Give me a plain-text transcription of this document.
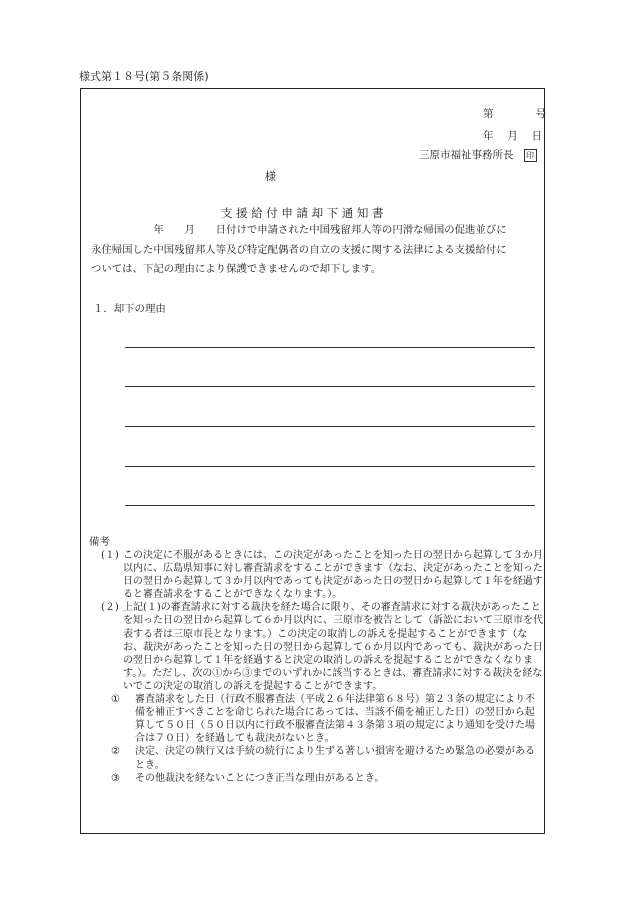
様式第１８号(第５条関係)
第　　　　号
年　 月　 日
三原市福祉事務所長 印
様
支援給付申請却下通知書
　　　　　　年　　月　　日付けで申請された中国残留邦人等の円滑な帰国の促進並びに
永住帰国した中国残留邦人等及び特定配偶者の自立の支援に関する法律による支援給付に
ついては、下記の理由により保護できませんので却下します。
１．却下の理由
備考
(１) この決定に不服があるときには、この決定があったことを知った日の翌日から起算して３か月以内に、広島県知事に対し審査請求をすることができます（なお、決定があったことを知った日の翌日から起算して３か月以内であっても決定があった日の翌日から起算して１年を経過すると審査請求をすることができなくなります。）。
(２) 上記(１)の審査請求に対する裁決を経た場合に限り、その審査請求に対する裁決があったことを知った日の翌日から起算して６か月以内に、三原市を被告として（訴訟において三原市を代表する者は三原市長となります。）この決定の取消しの訴えを提起することができます（なお、裁決があったことを知った日の翌日から起算して６か月以内であっても、裁決があった日の翌日から起算して１年を経過すると決定の取消しの訴えを提起することができなくなります。）。ただし、次の①から③までのいずれかに該当するときは、審査請求に対する裁決を経ないでこの決定の取消しの訴えを提起することができます。
① 審査請求をした日（行政不服審査法（平成２６年法律第６８号）第２３条の規定により不備を補正すべきことを命じられた場合にあっては、当該不備を補正した日）の翌日から起算して５０日（５０日以内に行政不服審査法第４３条第３項の規定により通知を受けた場合は７０日）を経過しても裁決がないとき。
② 決定、決定の執行又は手続の続行により生ずる著しい損害を避けるため緊急の必要があるとき。
③ その他裁決を経ないことにつき正当な理由があるとき。
